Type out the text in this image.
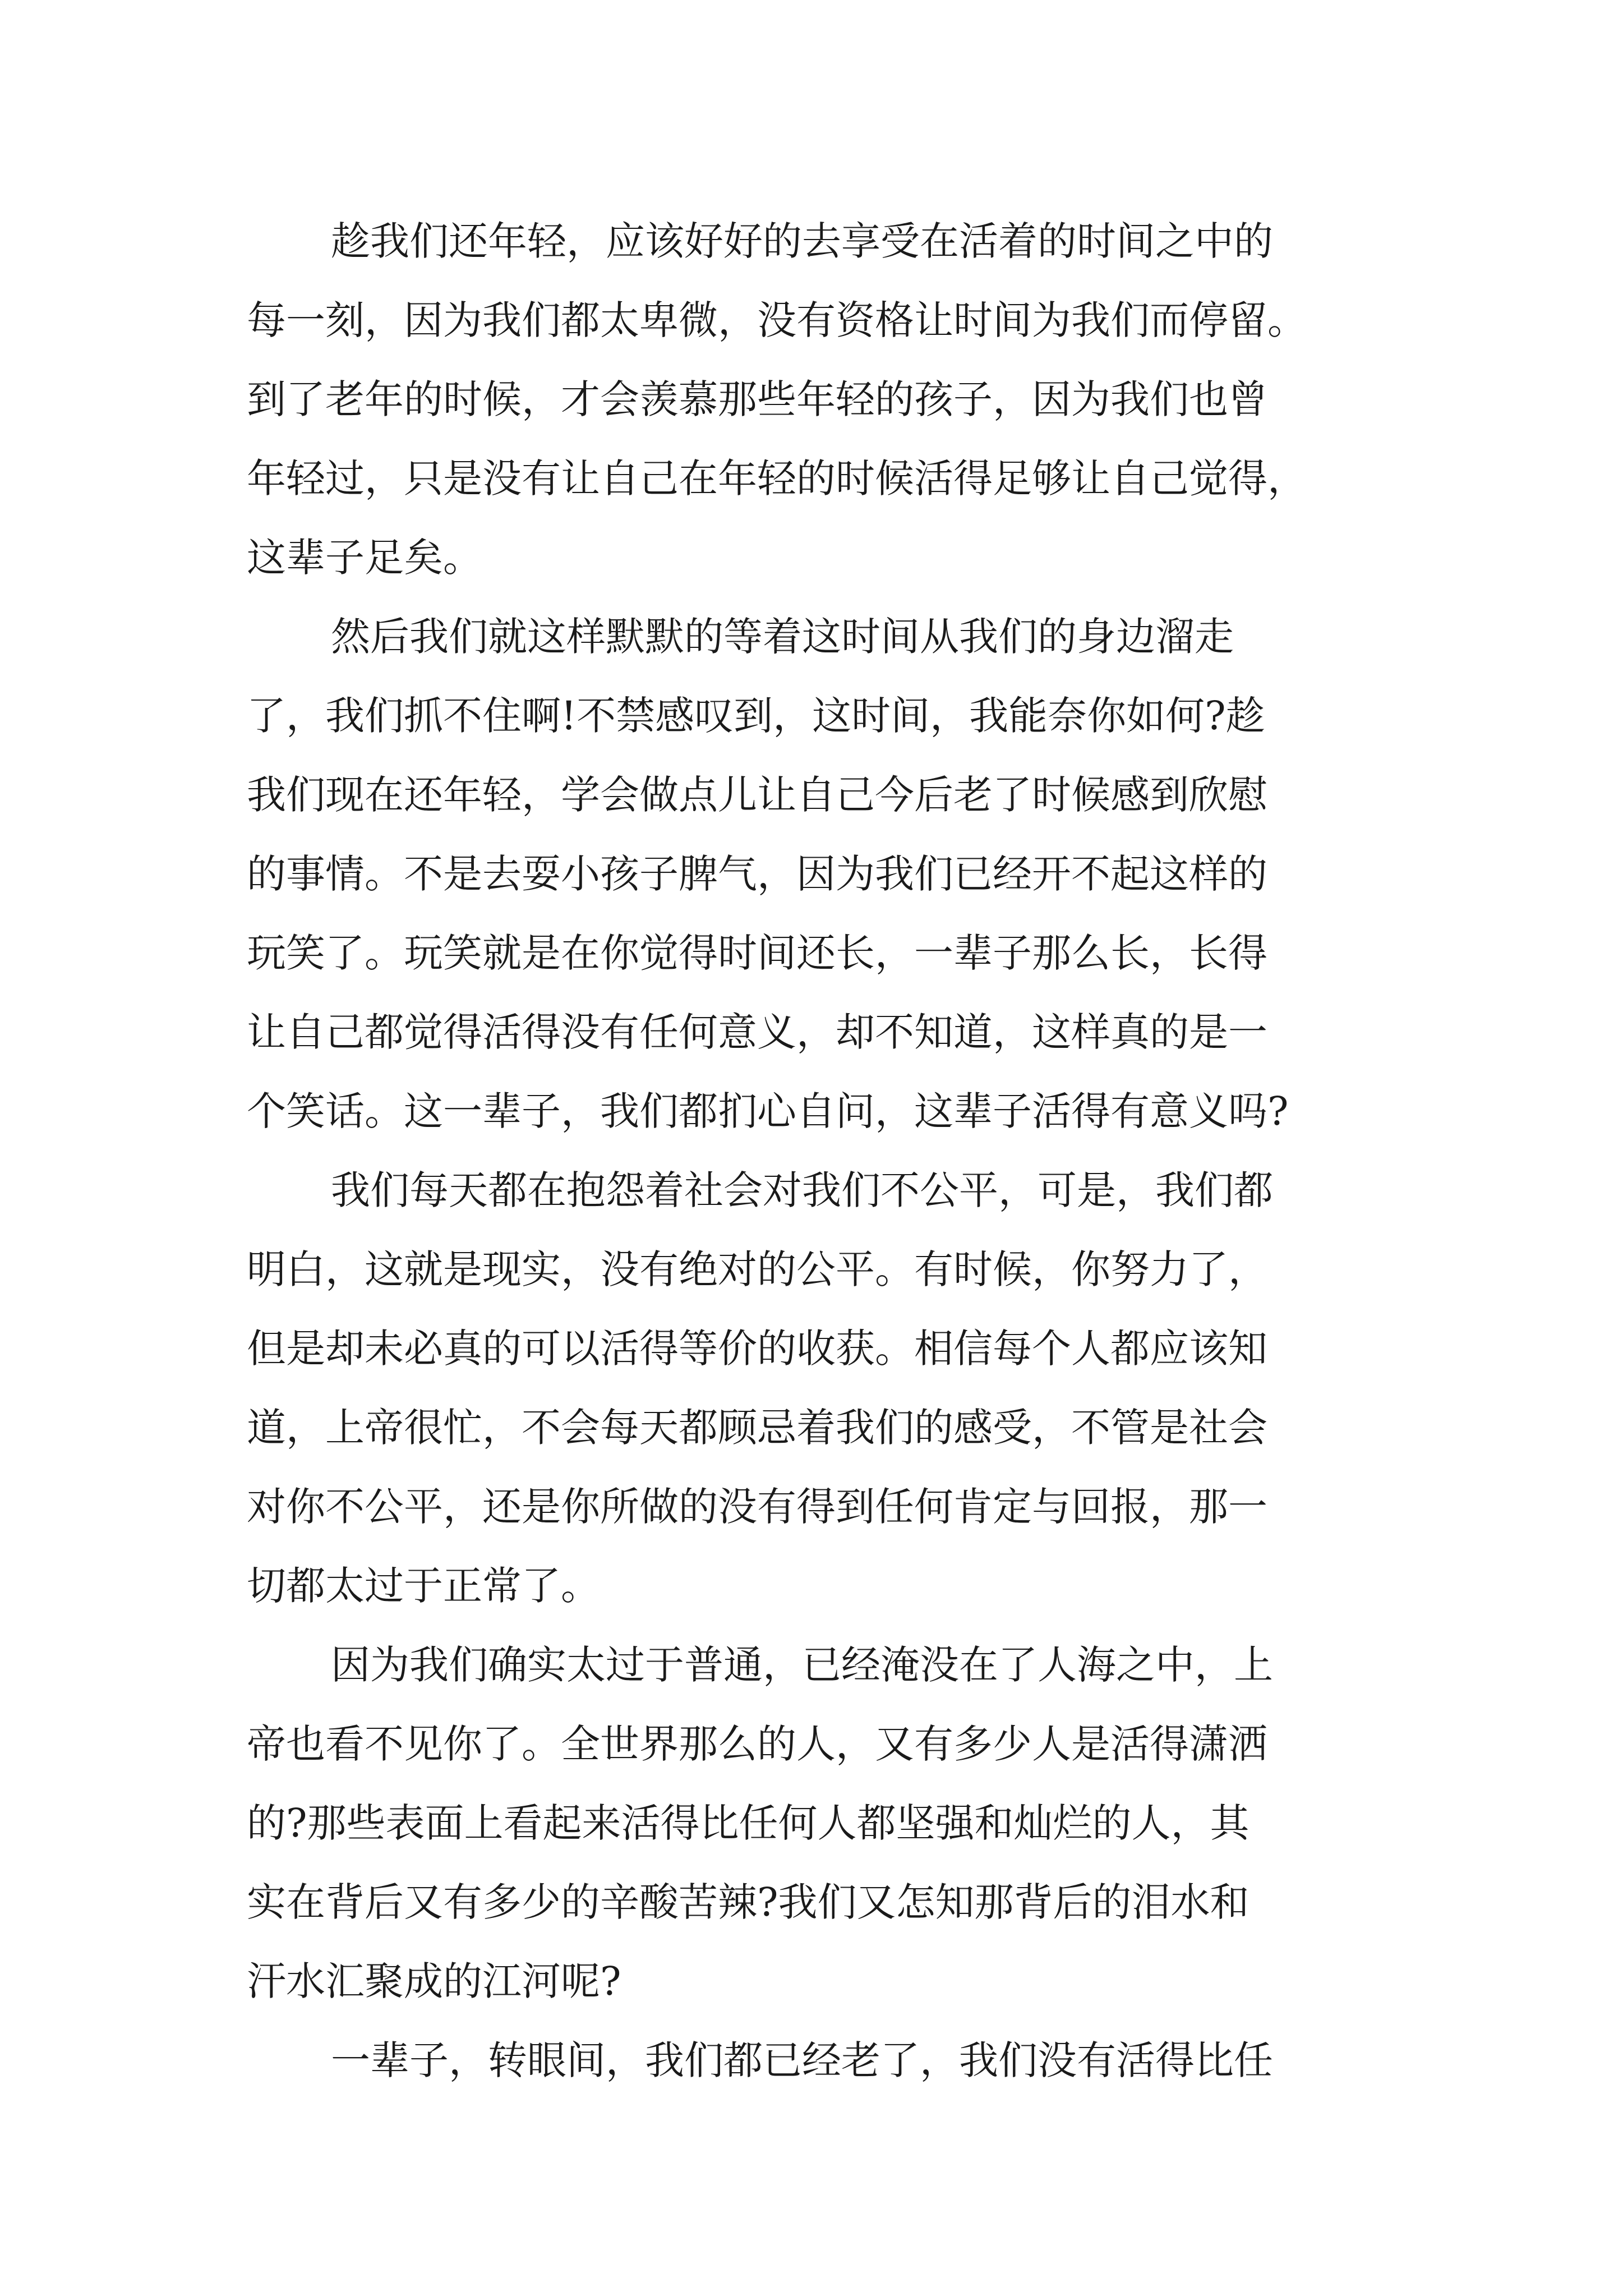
趁我们还年轻，应该好好的去享受在活着的时间之中的
每一刻，因为我们都太卑微，没有资格让时间为我们而停留。
到了老年的时候，才会羡慕那些年轻的孩子，因为我们也曾
年轻过，只是没有让自己在年轻的时候活得足够让自己觉得，
这辈子足矣。
然后我们就这样默默的等着这时间从我们的身边溜走
了，我们抓不住啊!不禁感叹到，这时间，我能奈你如何?趁
我们现在还年轻，学会做点儿让自己今后老了时候感到欣慰
的事情。不是去耍小孩子脾气，因为我们已经开不起这样的
玩笑了。玩笑就是在你觉得时间还长，一辈子那么长，长得
让自己都觉得活得没有任何意义，却不知道，这样真的是一
个笑话。这一辈子，我们都扪心自问，这辈子活得有意义吗?
我们每天都在抱怨着社会对我们不公平，可是，我们都
明白，这就是现实，没有绝对的公平。有时候，你努力了，
但是却未必真的可以活得等价的收获。相信每个人都应该知
道，上帝很忙，不会每天都顾忌着我们的感受，不管是社会
对你不公平，还是你所做的没有得到任何肯定与回报，那一
切都太过于正常了。
因为我们确实太过于普通，已经淹没在了人海之中，上
帝也看不见你了。全世界那么的人，又有多少人是活得潇洒
的?那些表面上看起来活得比任何人都坚强和灿烂的人，其
实在背后又有多少的辛酸苦辣?我们又怎知那背后的泪水和
汗水汇聚成的江河呢?
一辈子，转眼间，我们都已经老了，我们没有活得比任
